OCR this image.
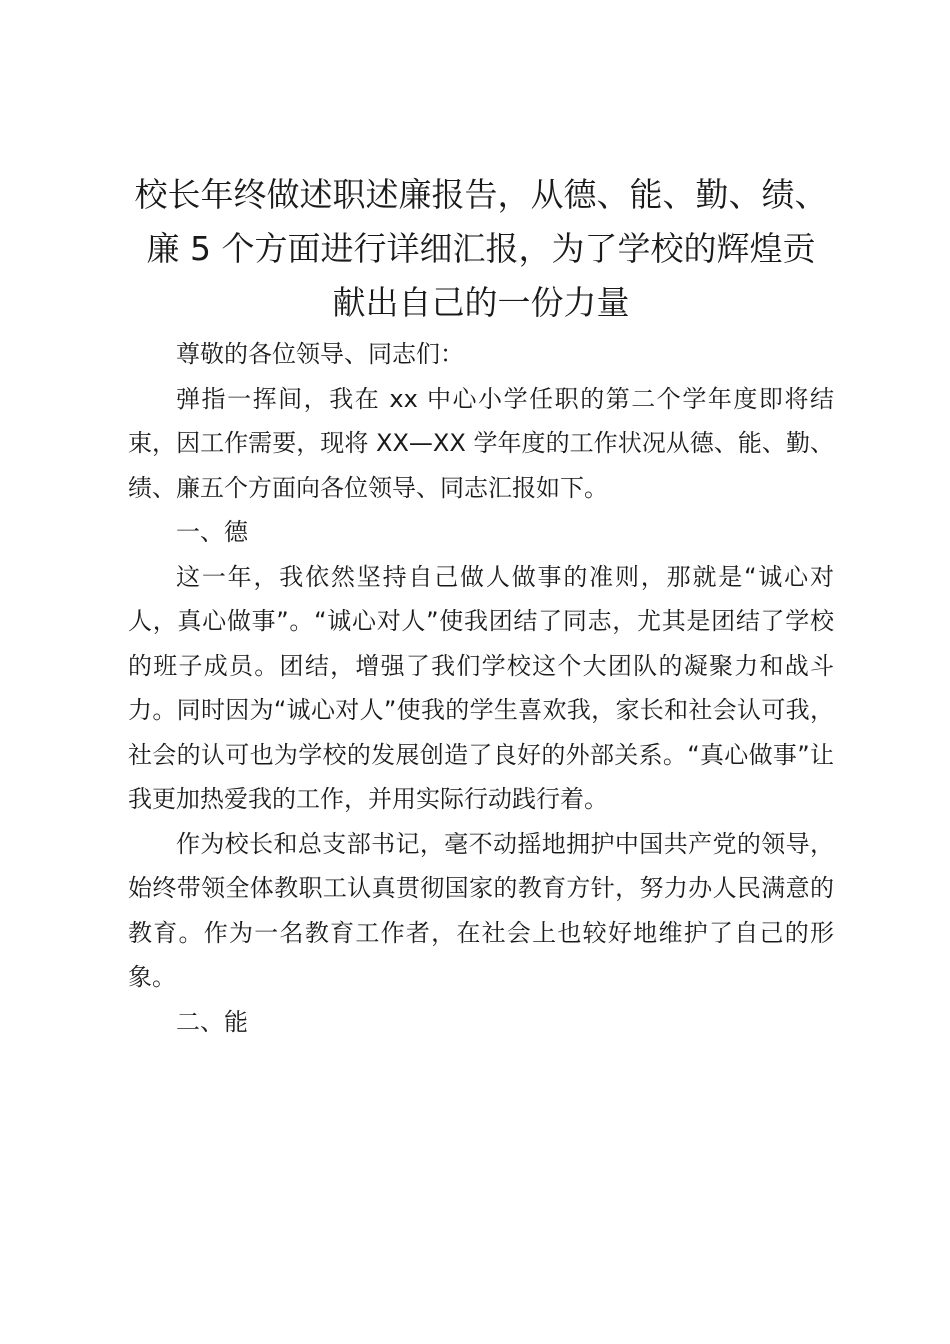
校长年终做述职述廉报告，从德、能、勤、绩、
廉 5 个方面进行详细汇报，为了学校的辉煌贡
献出自己的一份力量

尊敬的各位领导、同志们：

弹指一挥间，我在 xx 中心小学任职的第二个学年度即将结束，因工作需要，现将 XX—XX 学年度的工作状况从德、能、勤、绩、廉五个方面向各位领导、同志汇报如下。

一、德

这一年，我依然坚持自己做人做事的准则，那就是“诚心对人，真心做事”。“诚心对人”使我团结了同志，尤其是团结了学校的班子成员。团结，增强了我们学校这个大团队的凝聚力和战斗力。同时因为“诚心对人”使我的学生喜欢我，家长和社会认可我，社会的认可也为学校的发展创造了良好的外部关系。“真心做事”让我更加热爱我的工作，并用实际行动践行着。

作为校长和总支部书记，毫不动摇地拥护中国共产党的领导，始终带领全体教职工认真贯彻国家的教育方针，努力办人民满意的教育。作为一名教育工作者，在社会上也较好地维护了自己的形象。

二、能
